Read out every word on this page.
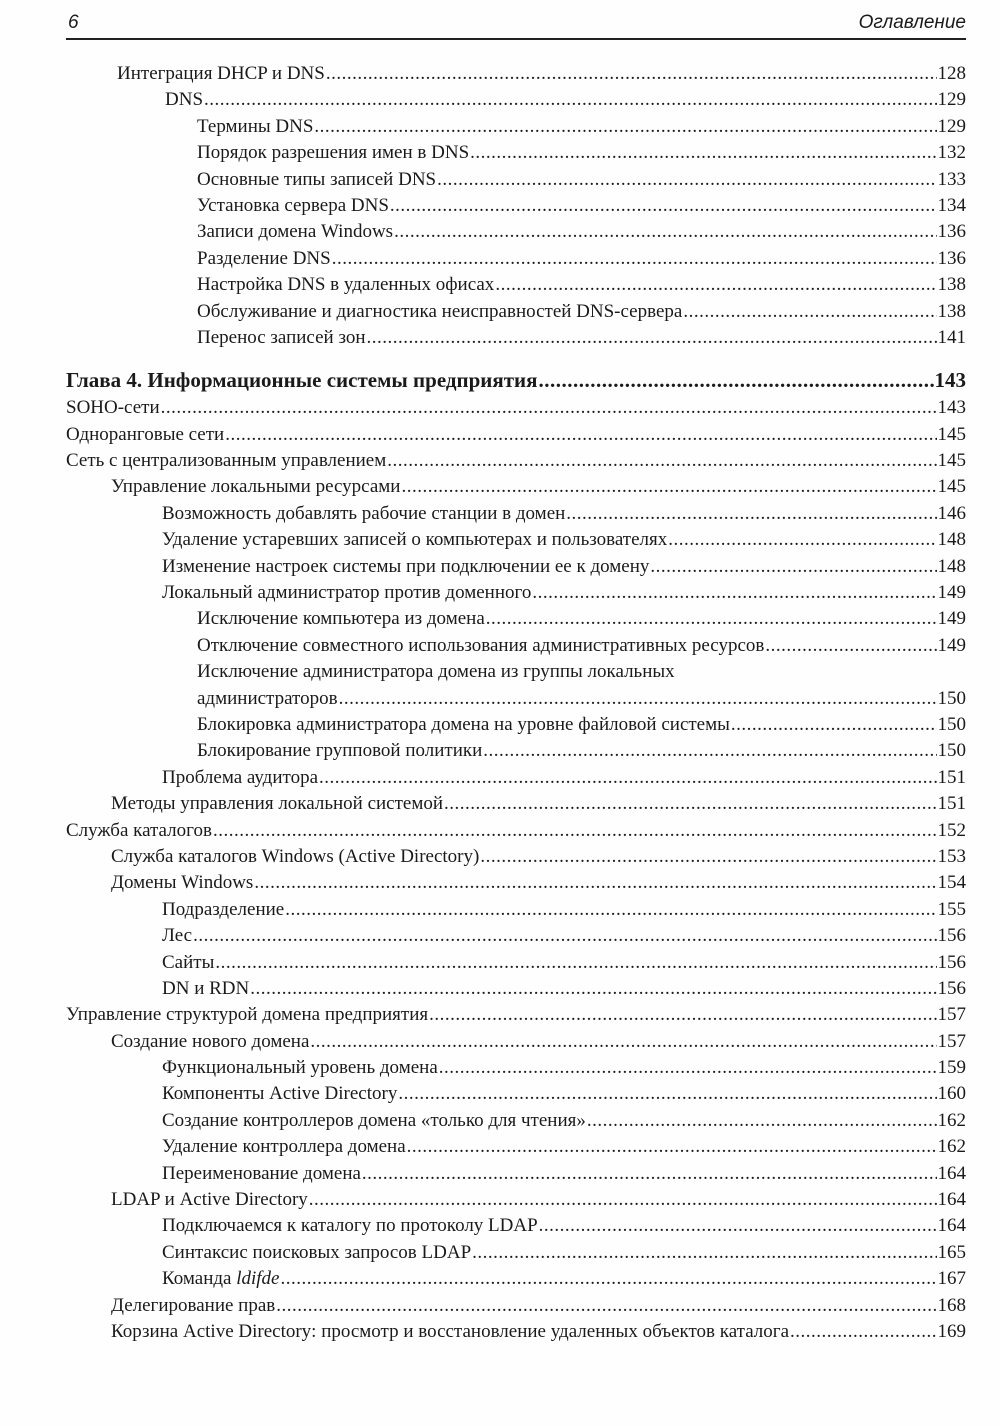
6	Оглавление
Интеграция DHCP и DNS .....	128
DNS .....	129
Термины DNS .....	129
Порядок разрешения имен в DNS .....	132
Основные типы записей DNS .....	133
Установка сервера DNS .....	134
Записи домена Windows .....	136
Разделение DNS .....	136
Настройка DNS в удаленных офисах .....	138
Обслуживание и диагностика неисправностей DNS-сервера .....	138
Перенос записей зон .....	141
Глава 4. Информационные системы предприятия .....	143
SOHO-сети .....	143
Одноранговые сети .....	145
Сеть с централизованным управлением .....	145
Управление локальными ресурсами .....	145
Возможность добавлять рабочие станции в домен .....	146
Удаление устаревших записей о компьютерах и пользователях .....	148
Изменение настроек системы при подключении ее к домену .....	148
Локальный администратор против доменного .....	149
Исключение компьютера из домена .....	149
Отключение совместного использования административных ресурсов .....	149
Исключение администратора домена из группы локальных
администраторов .....	150
Блокировка администратора домена на уровне файловой системы .....	150
Блокирование групповой политики .....	150
Проблема аудитора .....	151
Методы управления локальной системой .....	151
Служба каталогов .....	152
Служба каталогов Windows (Active Directory) .....	153
Домены Windows .....	154
Подразделение .....	155
Лес .....	156
Сайты .....	156
DN и RDN .....	156
Управление структурой домена предприятия .....	157
Создание нового домена .....	157
Функциональный уровень домена .....	159
Компоненты Active Directory .....	160
Создание контроллеров домена «только для чтения» .....	162
Удаление контроллера домена .....	162
Переименование домена .....	164
LDAP и Active Directory .....	164
Подключаемся к каталогу по протоколу LDAP .....	164
Синтаксис поисковых запросов LDAP .....	165
Команда ldifde .....	167
Делегирование прав .....	168
Корзина Active Directory: просмотр и восстановление удаленных объектов каталога .....	169
